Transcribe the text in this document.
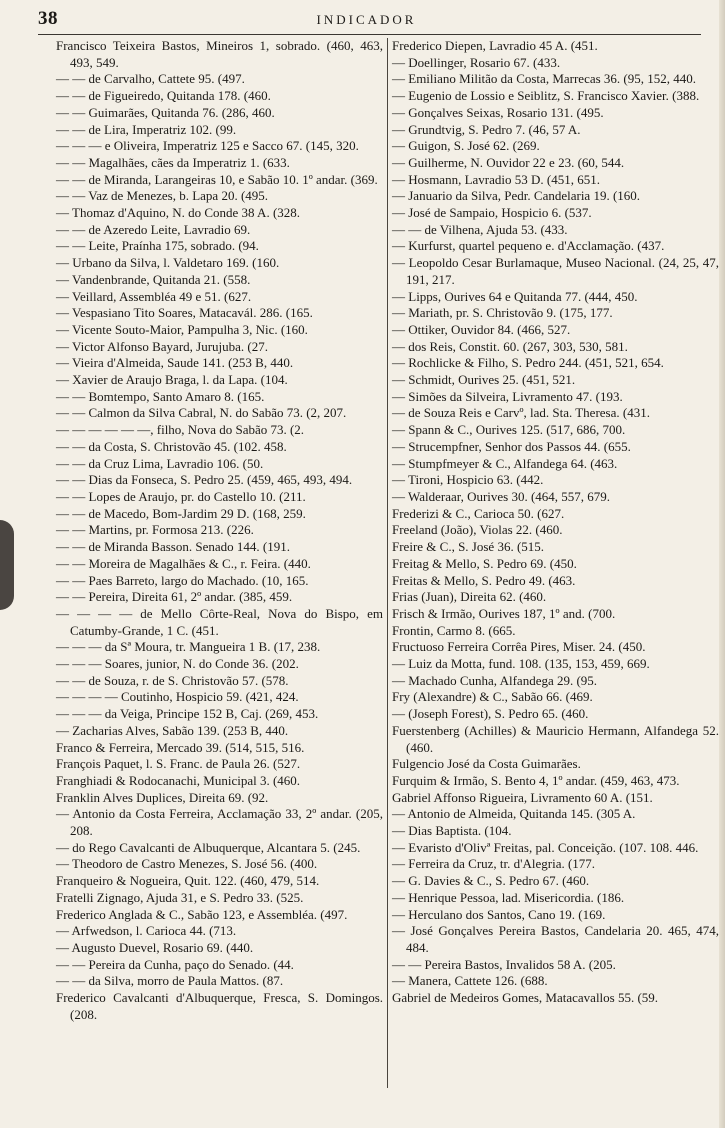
38	INDICADOR
Francisco Teixeira Bastos, Mineiros 1, sobrado. (460, 463, 493, 549.
— — de Carvalho, Cattete 95. (497.
— — de Figueiredo, Quitanda 178. (460.
— — Guimarães, Quitanda 76. (286, 460.
— — de Lira, Imperatriz 102. (99.
— — — e Oliveira, Imperatriz 125 e Sacco 67. (145, 320.
— — Magalhães, cães da Imperatriz 1. (633.
— — de Miranda, Larangeiras 10, e Sabão 10. 1º andar. (369.
— — Vaz de Menezes, b. Lapa 20. (495.
— Thomaz d'Aquino, N. do Conde 38 A. (328.
— — de Azeredo Leite, Lavradio 69.
— — Leite, Praínha 175, sobrado. (94.
— Urbano da Silva, l. Valdetaro 169. (160.
— Vandenbrande, Quitanda 21. (558.
— Veillard, Assembléa 49 e 51. (627.
— Vespasiano Tito Soares, Matacavál. 286. (165.
— Vicente Souto-Maior, Pampulha 3, Nic. (160.
— Victor Alfonso Bayard, Jurujuba. (27.
— Vieira d'Almeida, Saude 141. (253 B, 440.
— Xavier de Araujo Braga, l. da Lapa. (104.
— — Bomtempo, Santo Amaro 8. (165.
— — Calmon da Silva Cabral, N. do Sabão 73. (2, 207.
— — — — — —, filho, Nova do Sabão 73. (2.
— — da Costa, S. Christovão 45. (102. 458.
— — da Cruz Lima, Lavradio 106. (50.
— — Dias da Fonseca, S. Pedro 25. (459, 465, 493, 494.
— — Lopes de Araujo, pr. do Castello 10. (211.
— — de Macedo, Bom-Jardim 29 D. (168, 259.
— — Martins, pr. Formosa 213. (226.
— — de Miranda Basson. Senado 144. (191.
— — Moreira de Magalhães & C., r. Feira. (440.
— — Paes Barreto, largo do Machado. (10, 165.
— — Pereira, Direita 61, 2º andar. (385, 459.
— — — — de Mello Côrte-Real, Nova do Bispo, em Catumby-Grande, 1 C. (451.
— — — da Sª Moura, tr. Mangueira 1 B. (17, 238.
— — — Soares, junior, N. do Conde 36. (202.
— — de Souza, r. de S. Christovão 57. (578.
— — — — Coutinho, Hospicio 59. (421, 424.
— — — da Veiga, Principe 152 B, Caj. (269, 453.
— Zacharias Alves, Sabão 139. (253 B, 440.
Franco & Ferreira, Mercado 39. (514, 515, 516.
François Paquet, l. S. Franc. de Paula 26. (527.
Franghiadi & Rodocanachi, Municipal 3. (460.
Franklin Alves Duplices, Direita 69. (92.
— Antonio da Costa Ferreira, Acclamação 33, 2º andar. (205, 208.
— do Rego Cavalcanti de Albuquerque, Alcantara 5. (245.
— Theodoro de Castro Menezes, S. José 56. (400.
Franqueiro & Nogueira, Quit. 122. (460, 479, 514.
Fratelli Zignago, Ajuda 31, e S. Pedro 33. (525.
Frederico Anglada & C., Sabão 123, e Assembléa. (497.
— Arfwedson, l. Carioca 44. (713.
— Augusto Duevel, Rosario 69. (440.
— — Pereira da Cunha, paço do Senado. (44.
— — da Silva, morro de Paula Mattos. (87.
Frederico Cavalcanti d'Albuquerque, Fresca, S. Domingos. (208.
Frederico Diepen, Lavradio 45 A. (451.
— Doellinger, Rosario 67. (433.
— Emiliano Militão da Costa, Marrecas 36. (95, 152, 440.
— Eugenio de Lossio e Seiblitz, S. Francisco Xavier. (388.
— Gonçalves Seixas, Rosario 131. (495.
— Grundtvig, S. Pedro 7. (46, 57 A.
— Guigon, S. José 62. (269.
— Guilherme, N. Ouvidor 22 e 23. (60, 544.
— Hosmann, Lavradio 53 D. (451, 651.
— Januario da Silva, Pedr. Candelaria 19. (160.
— José de Sampaio, Hospicio 6. (537.
— — de Vilhena, Ajuda 53. (433.
— Kurfurst, quartel pequeno e. d'Acclamação. (437.
— Leopoldo Cesar Burlamaque, Museo Nacional. (24, 25, 47, 191, 217.
— Lipps, Ourives 64 e Quitanda 77. (444, 450.
— Mariath, pr. S. Christovão 9. (175, 177.
— Ottiker, Ouvidor 84. (466, 527.
— dos Reis, Constit. 60. (267, 303, 530, 581.
— Rochlicke & Filho, S. Pedro 244. (451, 521, 654.
— Schmidt, Ourives 25. (451, 521.
— Simões da Silveira, Livramento 47. (193.
— de Souza Reis e Carvº, lad. Sta. Theresa. (431.
— Spann & C., Ourives 125. (517, 686, 700.
— Strucempfner, Senhor dos Passos 44. (655.
— Stumpfmeyer & C., Alfandega 64. (463.
— Tironi, Hospicio 63. (442.
— Walderaar, Ourives 30. (464, 557, 679.
Frederizi & C., Carioca 50. (627.
Freeland (João), Violas 22. (460.
Freire & C., S. José 36. (515.
Freitag & Mello, S. Pedro 69. (450.
Freitas & Mello, S. Pedro 49. (463.
Frias (Juan), Direita 62. (460.
Frisch & Irmão, Ourives 187, 1º and. (700.
Frontin, Carmo 8. (665.
Fructuoso Ferreira Corrêa Pires, Miser. 24. (450.
— Luiz da Motta, fund. 108. (135, 153, 459, 669.
— Machado Cunha, Alfandega 29. (95.
Fry (Alexandre) & C., Sabão 66. (469.
— (Joseph Forest), S. Pedro 65. (460.
Fuerstenberg (Achilles) & Mauricio Hermann, Alfandega 52. (460.
Fulgencio José da Costa Guimarães.
Furquim & Irmão, S. Bento 4, 1º andar. (459, 463, 473.
Gabriel Affonso Rigueira, Livramento 60 A. (151.
— Antonio de Almeida, Quitanda 145. (305 A.
— Dias Baptista. (104.
— Evaristo d'Olivª Freitas, pal. Conceição. (107. 108. 446.
— Ferreira da Cruz, tr. d'Alegria. (177.
— G. Davies & C., S. Pedro 67. (460.
— Henrique Pessoa, lad. Misericordia. (186.
— Herculano dos Santos, Cano 19. (169.
— José Gonçalves Pereira Bastos, Candelaria 20. 465, 474, 484.
— — Pereira Bastos, Invalidos 58 A. (205.
— Manera, Cattete 126. (688.
Gabriel de Medeiros Gomes, Matacavallos 55. (59.
